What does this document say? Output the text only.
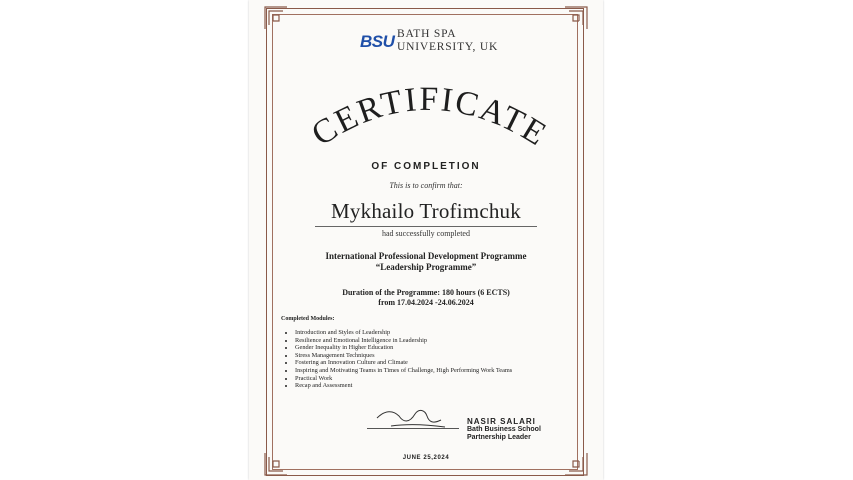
BSU BATH SPA
UNIVERSITY, UK
CERTIFICATE
OF COMPLETION
This is to confirm that:
Mykhailo Trofimchuk
had successfully completed
International Professional Development Programme
“Leadership Programme”
Duration of the Programme: 180 hours (6 ECTS)
from 17.04.2024 -24.06.2024
Completed Modules:
• Introduction and Styles of Leadership
• Resilience and Emotional Intelligence in Leadership
• Gender Inequality in Higher Education
• Stress Management Techniques
• Fostering an Innovation Culture and Climate
• Inspiring and Motivating Teams in Times of Challenge, High Performing Work Teams
• Practical Work
• Recap and Assessment
NASIR SALARI
Bath Business School
Partnership Leader
JUNE 25,2024
